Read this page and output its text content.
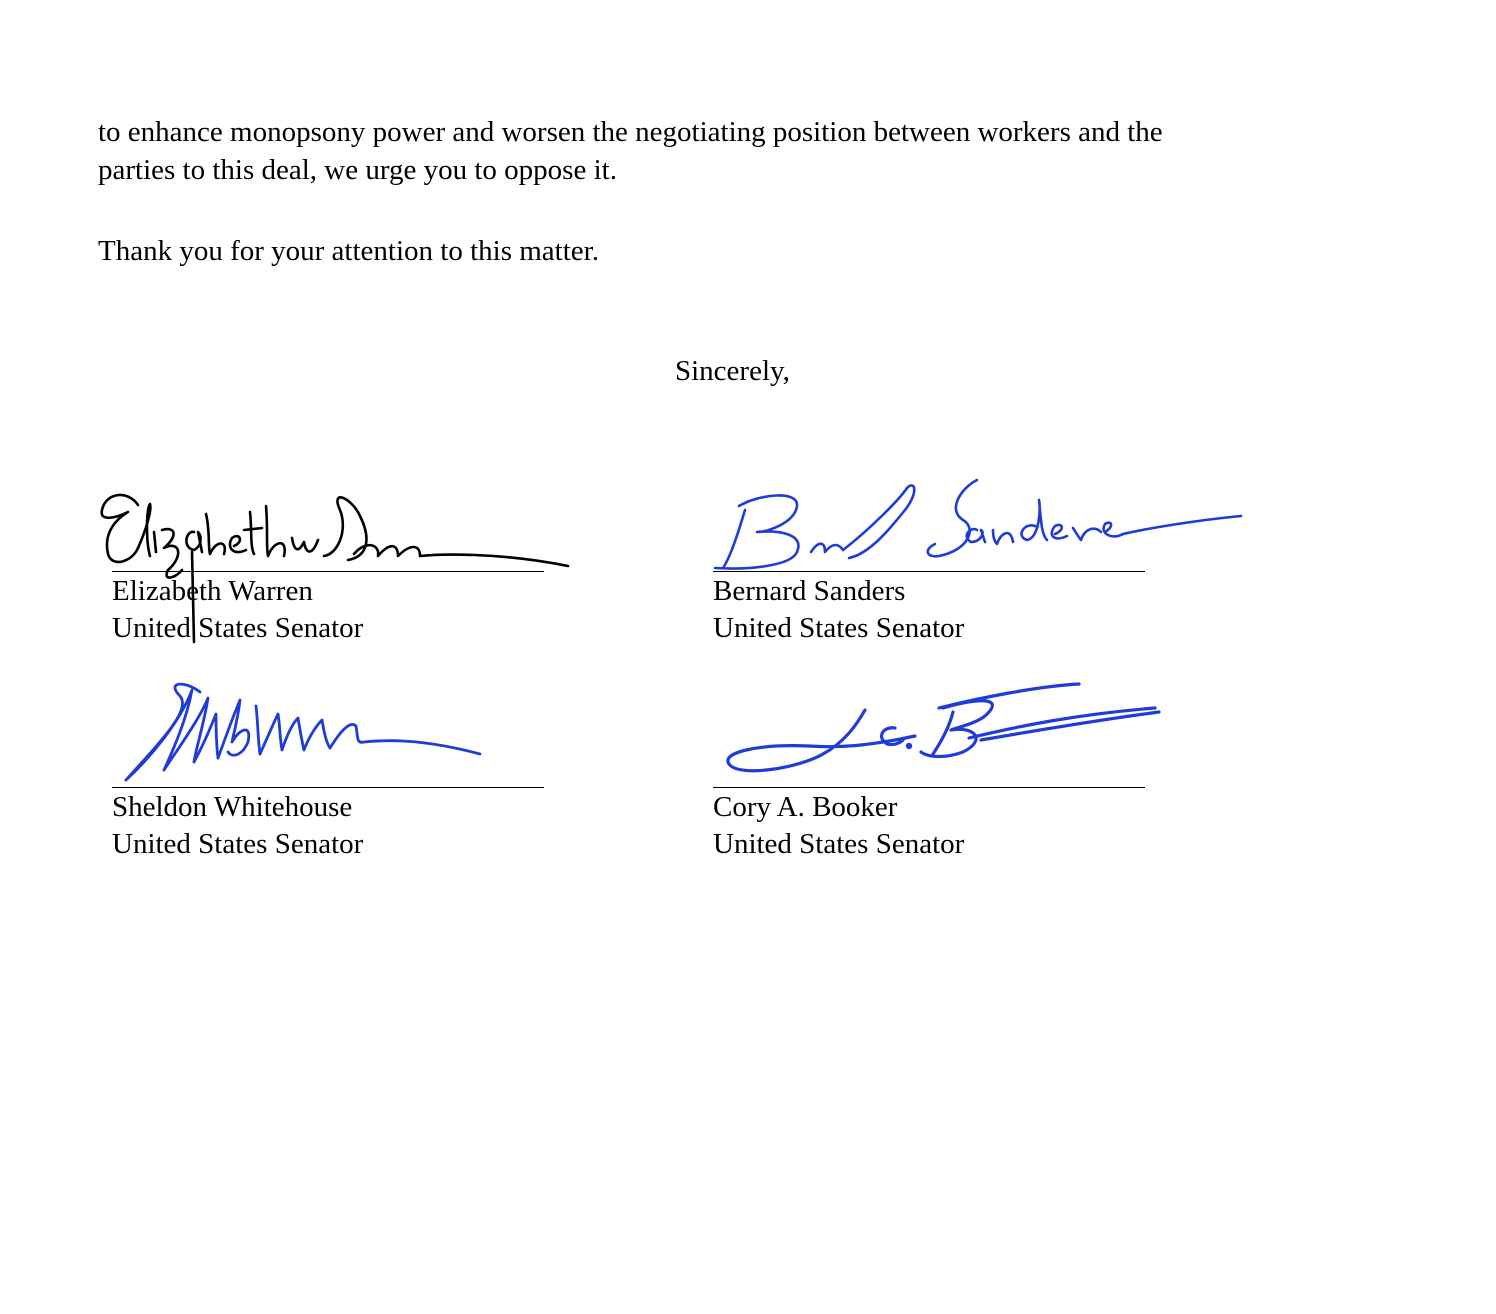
to enhance monopsony power and worsen the negotiating position between workers and the
parties to this deal, we urge you to oppose it.

Thank you for your attention to this matter.

Sincerely,

Elizabeth Warren
United States Senator
Bernard Sanders
United States Senator
Sheldon Whitehouse
United States Senator
Cory A. Booker
United States Senator
